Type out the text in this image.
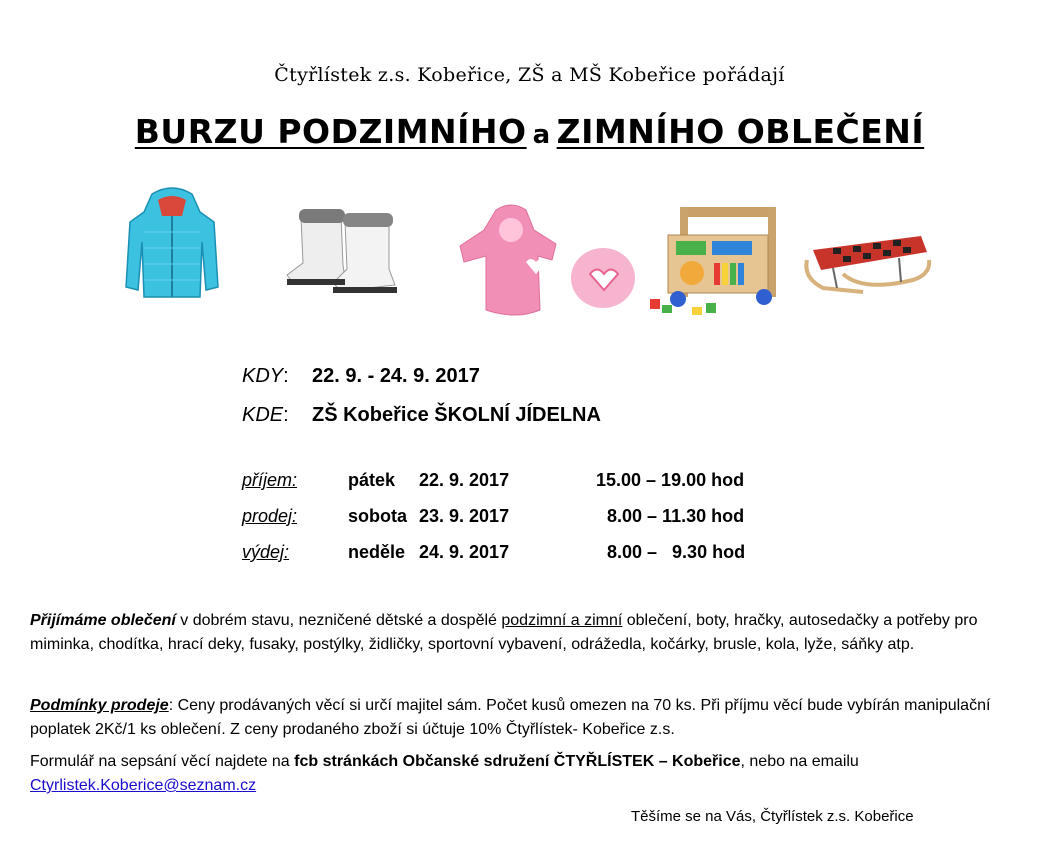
Čtyřlístek z.s. Kobeřice, ZŠ a MŠ Kobeřice pořádají
BURZU PODZIMNÍHO a ZIMNÍHO OBLEČENÍ
KDY: 22. 9. - 24. 9. 2017
KDE: ZŠ Kobeřice ŠKOLNÍ JÍDELNA
příjem:	pátek 22. 9. 2017	15.00 – 19.00 hod
prodej:	sobota 23. 9. 2017	8.00 – 11.30 hod
výdej:	neděle 24. 9. 2017	8.00 –   9.30 hod
Přijímáme oblečení v dobrém stavu, nezničené dětské a dospělé podzimní a zimní oblečení, boty, hračky, autosedačky a potřeby pro miminka, chodítka, hrací deky, fusaky, postýlky, židličky, sportovní vybavení, odrážedla, kočárky, brusle, kola, lyže, sáňky atp.
Podmínky prodeje: Ceny prodávaných věcí si určí majitel sám. Počet kusů omezen na 70 ks. Při příjmu věcí bude vybírán manipulační poplatek 2Kč/1 ks oblečení. Z ceny prodaného zboží si účtuje 10% Čtyřlístek- Kobeřice z.s.
Formulář na sepsání věcí najdete na fcb stránkách Občanské sdružení ČTYŘLÍSTEK – Kobeřice, nebo na emailu
Ctyrlistek.Koberice@seznam.cz
Těšíme se na Vás, Čtyřlístek z.s. Kobeřice
